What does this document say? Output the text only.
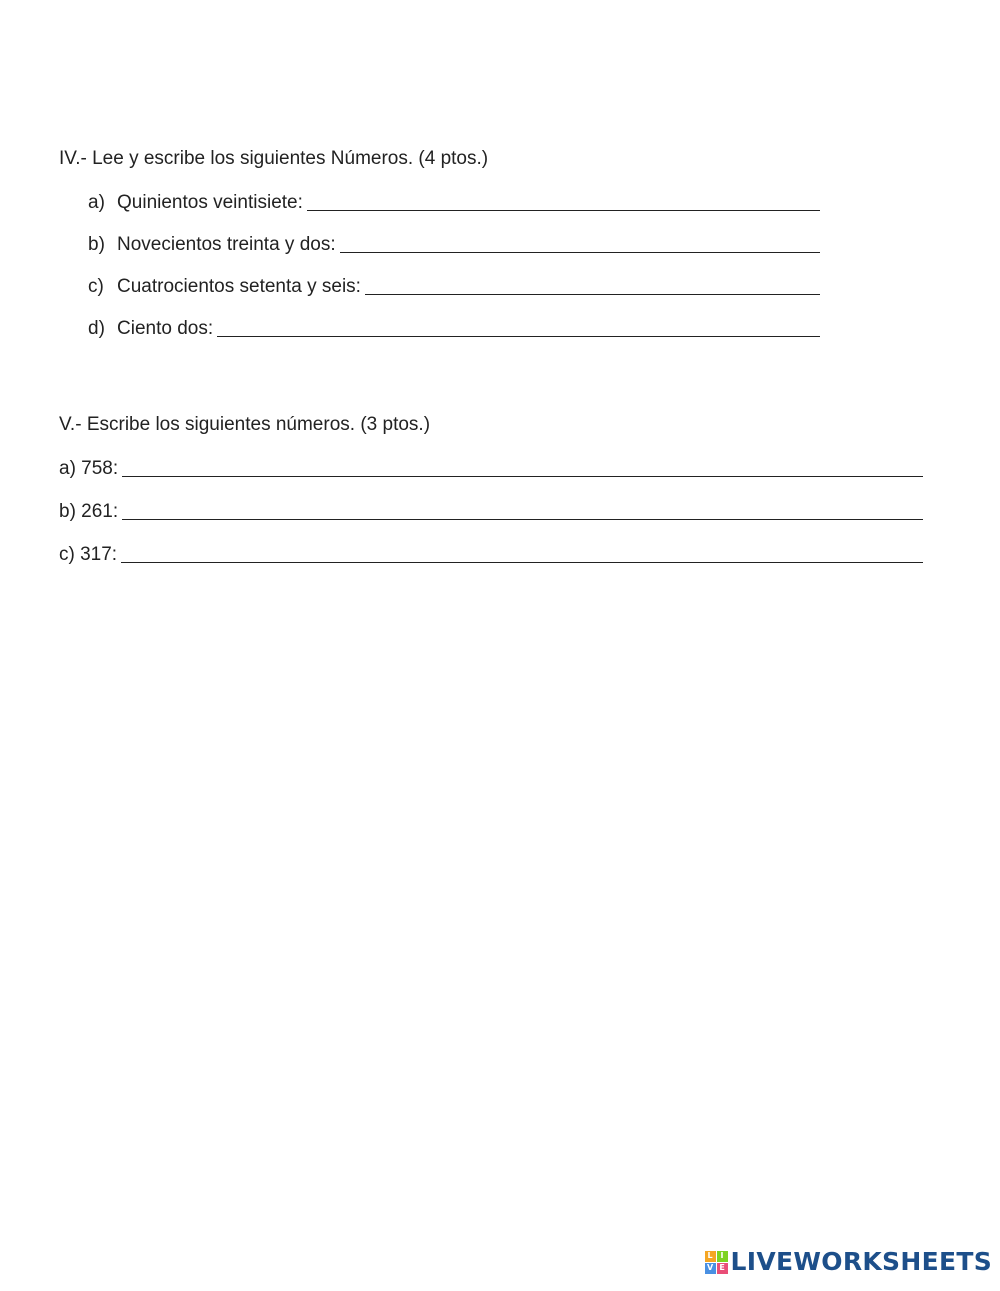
IV.- Lee y escribe los siguientes Números. (4 ptos.)
a) Quinientos veintisiete:
b) Novecientos treinta y dos:
c) Cuatrocientos setenta y seis:
d) Ciento dos:
V.- Escribe los siguientes números. (3 ptos.)
a) 758:
b) 261:
c) 317:
L I
V E LIVEWORKSHEETS
